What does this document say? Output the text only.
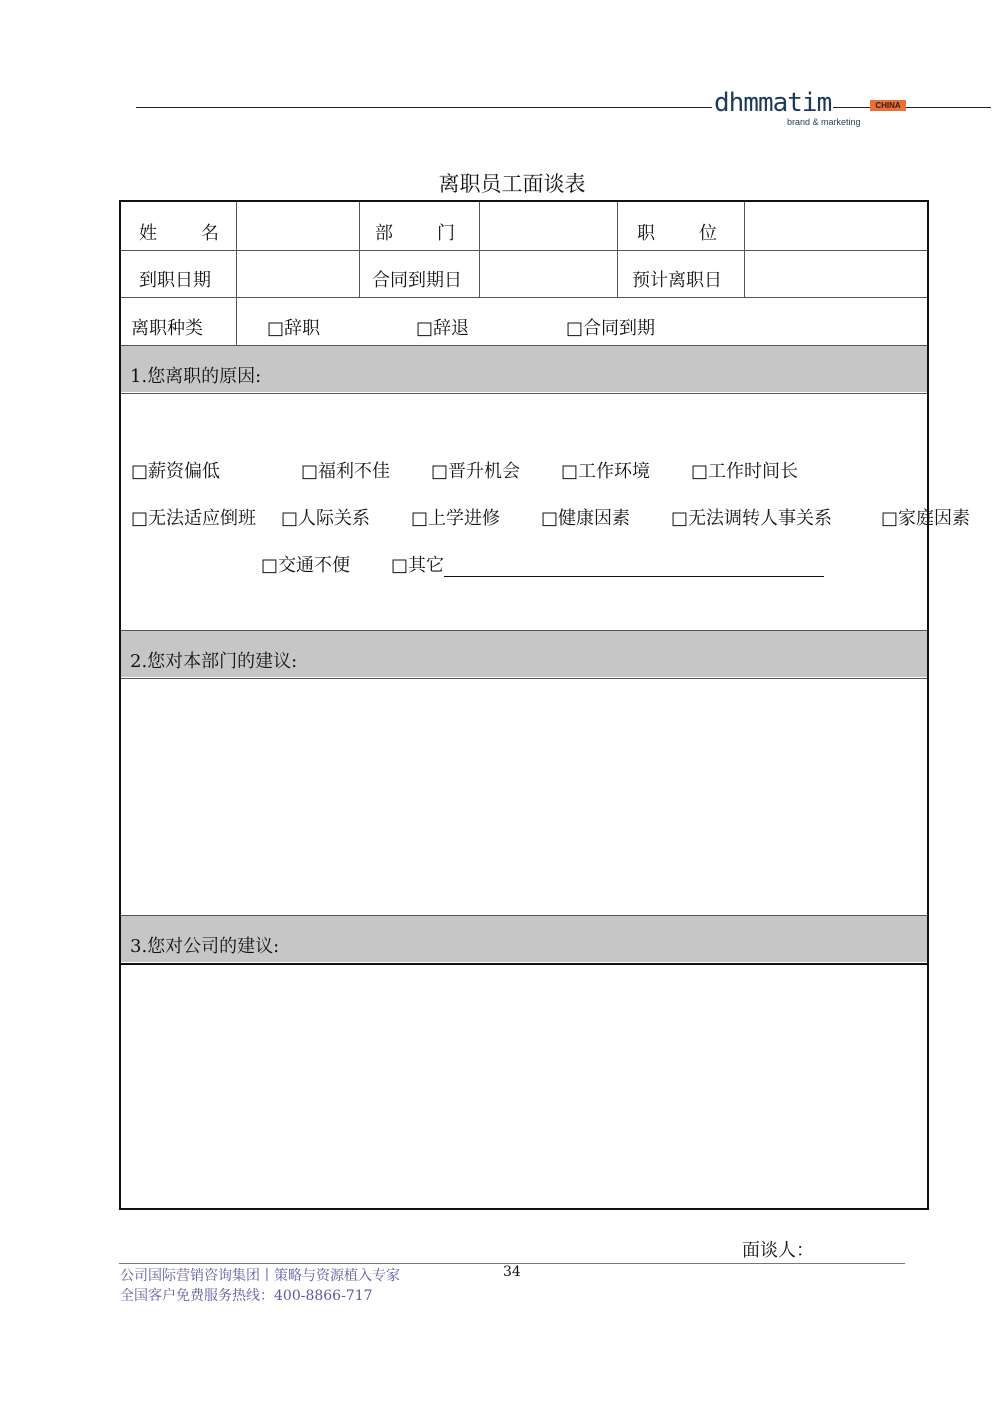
dhmmatim	CHINA
brand & marketing
离职员工面谈表
姓 名	部门	职位
到职日期	合同到期日	预计离职日
离职种类	□辞职	□辞退	□合同到期
1.您离职的原因:
□薪资偏低	□福利不佳 □晋升机会 □工作环境 □工作时间长
□无法适应倒班 □人际关系 □上学进修 □健康因素 □无法调转人事关系	□家庭因素
□交通不便 □其它
2.您对本部门的建议:
3.您对公司的建议:
面谈人：
公司国际营销咨询集团丨策略与资源植入专家
全国客户免费服务热线：400-8866-717
34
